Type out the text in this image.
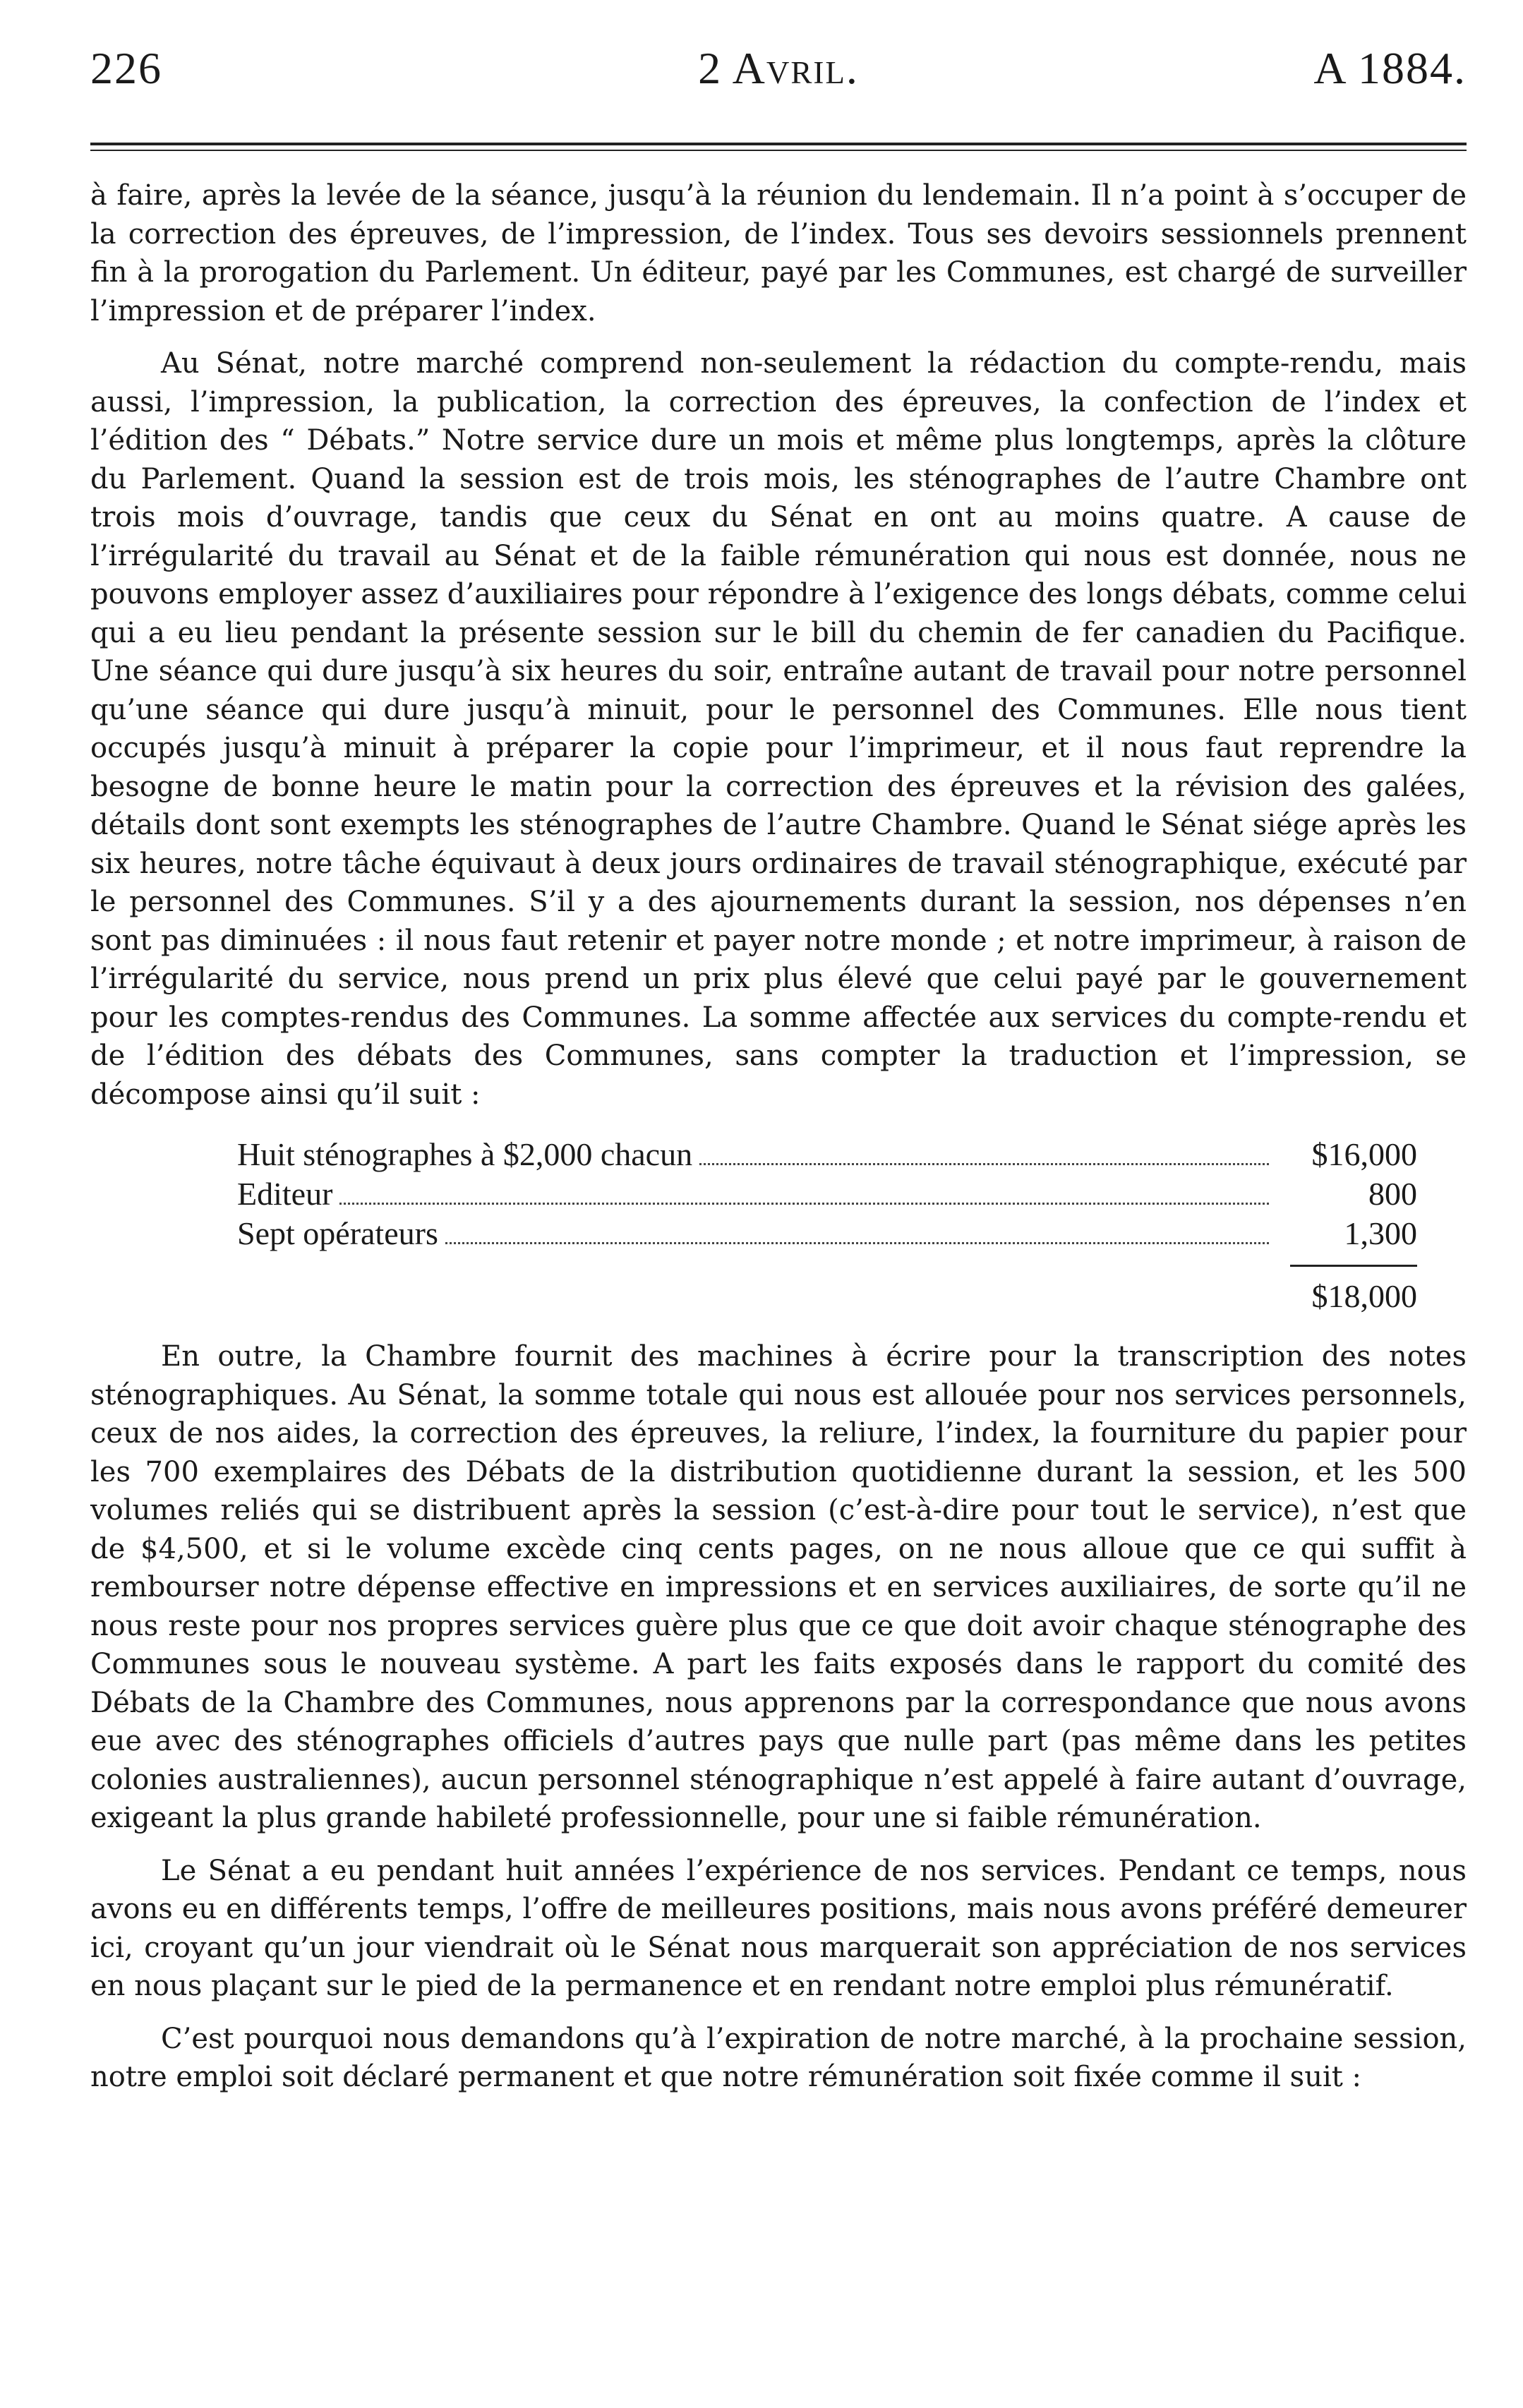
226	2 Avril.	A 1884.

à faire, après la levée de la séance, jusqu’à la réunion du lendemain. Il n’a point à s’occuper de la correction des épreuves, de l’impression, de l’index. Tous ses devoirs sessionnels prennent fin à la prorogation du Parlement. Un éditeur, payé par les Communes, est chargé de surveiller l’impression et de préparer l’index.

Au Sénat, notre marché comprend non-seulement la rédaction du compte-rendu, mais aussi, l’impression, la publication, la correction des épreuves, la confection de l’index et l’édition des “ Débats.” Notre service dure un mois et même plus longtemps, après la clôture du Parlement. Quand la session est de trois mois, les sténographes de l’autre Chambre ont trois mois d’ouvrage, tandis que ceux du Sénat en ont au moins quatre. A cause de l’irrégularité du travail au Sénat et de la faible rémunération qui nous est donnée, nous ne pouvons employer assez d’auxiliaires pour répondre à l’exigence des longs débats, comme celui qui a eu lieu pendant la présente session sur le bill du chemin de fer canadien du Pacifique. Une séance qui dure jusqu’à six heures du soir, entraîne autant de travail pour notre personnel qu’une séance qui dure jusqu’à minuit, pour le personnel des Communes. Elle nous tient occupés jusqu’à minuit à préparer la copie pour l’imprimeur, et il nous faut reprendre la besogne de bonne heure le matin pour la correction des épreuves et la révision des galées, détails dont sont exempts les sténographes de l’autre Chambre. Quand le Sénat siége après les six heures, notre tâche équivaut à deux jours ordinaires de travail sténographique, exécuté par le personnel des Communes. S’il y a des ajournements durant la session, nos dépenses n’en sont pas diminuées : il nous faut retenir et payer notre monde ; et notre imprimeur, à raison de l’irrégularité du service, nous prend un prix plus élevé que celui payé par le gouvernement pour les comptes-rendus des Communes. La somme affectée aux services du compte-rendu et de l’édition des débats des Communes, sans compter la traduction et l’impression, se décompose ainsi qu’il suit :

Huit sténographes à $2,000 chacun	$16,000
Editeur	800
Sept opérateurs	1,300
$18,000

En outre, la Chambre fournit des machines à écrire pour la transcription des notes sténographiques. Au Sénat, la somme totale qui nous est allouée pour nos services personnels, ceux de nos aides, la correction des épreuves, la reliure, l’index, la fourniture du papier pour les 700 exemplaires des Débats de la distribution quotidienne durant la session, et les 500 volumes reliés qui se distribuent après la session (c’est-à-dire pour tout le service), n’est que de $4,500, et si le volume excède cinq cents pages, on ne nous alloue que ce qui suffit à rembourser notre dépense effective en impressions et en services auxiliaires, de sorte qu’il ne nous reste pour nos propres services guère plus que ce que doit avoir chaque sténographe des Communes sous le nouveau système. A part les faits exposés dans le rapport du comité des Débats de la Chambre des Communes, nous apprenons par la correspondance que nous avons eue avec des sténographes officiels d’autres pays que nulle part (pas même dans les petites colonies australiennes), aucun personnel sténographique n’est appelé à faire autant d’ouvrage, exigeant la plus grande habileté professionnelle, pour une si faible rémunération.

Le Sénat a eu pendant huit années l’expérience de nos services. Pendant ce temps, nous avons eu en différents temps, l’offre de meilleures positions, mais nous avons préféré demeurer ici, croyant qu’un jour viendrait où le Sénat nous marquerait son appréciation de nos services en nous plaçant sur le pied de la permanence et en rendant notre emploi plus rémunératif.

C’est pourquoi nous demandons qu’à l’expiration de notre marché, à la prochaine session, notre emploi soit déclaré permanent et que notre rémunération soit fixée comme il suit :
